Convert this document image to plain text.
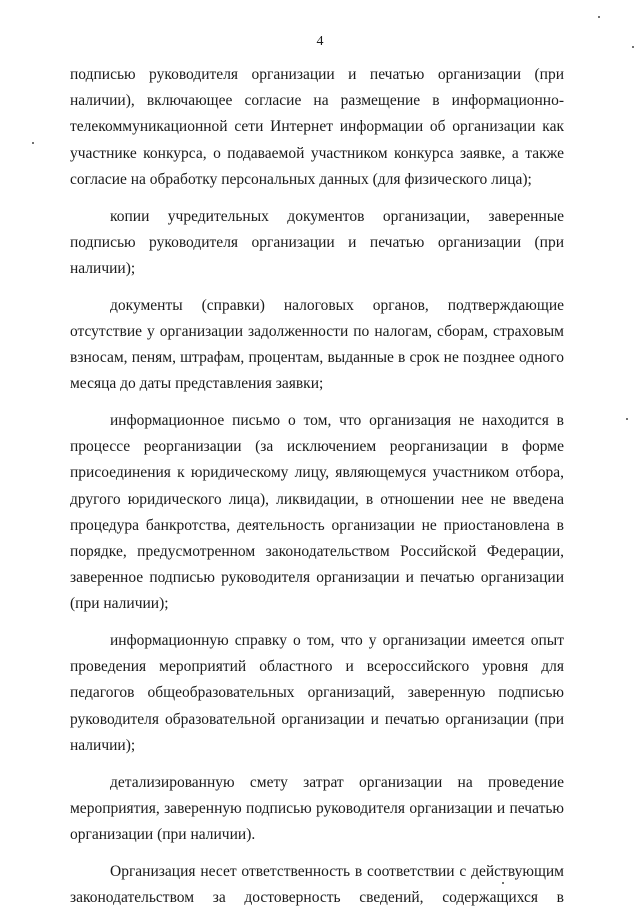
4

подписью руководителя организации и печатью организации (при наличии), включающее согласие на размещение в информационно-телекоммуникационной сети Интернет информации об организации как участнике конкурса, о подаваемой участником конкурса заявке, а также согласие на обработку персональных данных (для физического лица);

копии учредительных документов организации, заверенные подписью руководителя организации и печатью организации (при наличии);

документы (справки) налоговых органов, подтверждающие отсутствие у организации задолженности по налогам, сборам, страховым взносам, пеням, штрафам, процентам, выданные в срок не позднее одного месяца до даты представления заявки;

информационное письмо о том, что организация не находится в процессе реорганизации (за исключением реорганизации в форме присоединения к юридическому лицу, являющемуся участником отбора, другого юридического лица), ликвидации, в отношении нее не введена процедура банкротства, деятельность организации не приостановлена в порядке, предусмотренном законодательством Российской Федерации, заверенное подписью руководителя организации и печатью организации (при наличии);

информационную справку о том, что у организации имеется опыт проведения мероприятий областного и всероссийского уровня для педагогов общеобразовательных организаций, заверенную подписью руководителя образовательной организации и печатью организации (при наличии);

детализированную смету затрат организации на проведение мероприятия, заверенную подписью руководителя организации и печатью организации (при наличии).

Организация несет ответственность в соответствии с действующим законодательством за достоверность сведений, содержащихся в
